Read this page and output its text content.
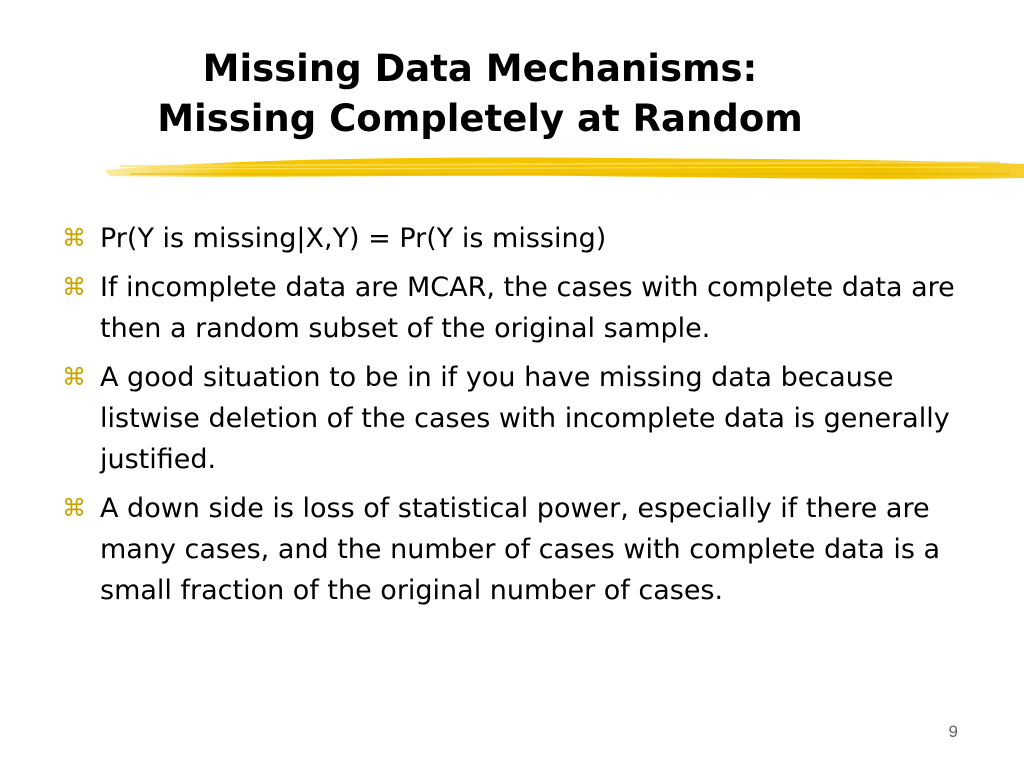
Missing Data Mechanisms:
Missing Completely at Random
⌘ Pr(Y is missing|X,Y) = Pr(Y is missing)
⌘ If incomplete data are MCAR, the cases with complete data are then a random subset of the original sample.
⌘ A good situation to be in if you have missing data because listwise deletion of the cases with incomplete data is generally justified.
⌘ A down side is loss of statistical power, especially if there are many cases, and the number of cases with complete data is a small fraction of the original number of cases.
9
